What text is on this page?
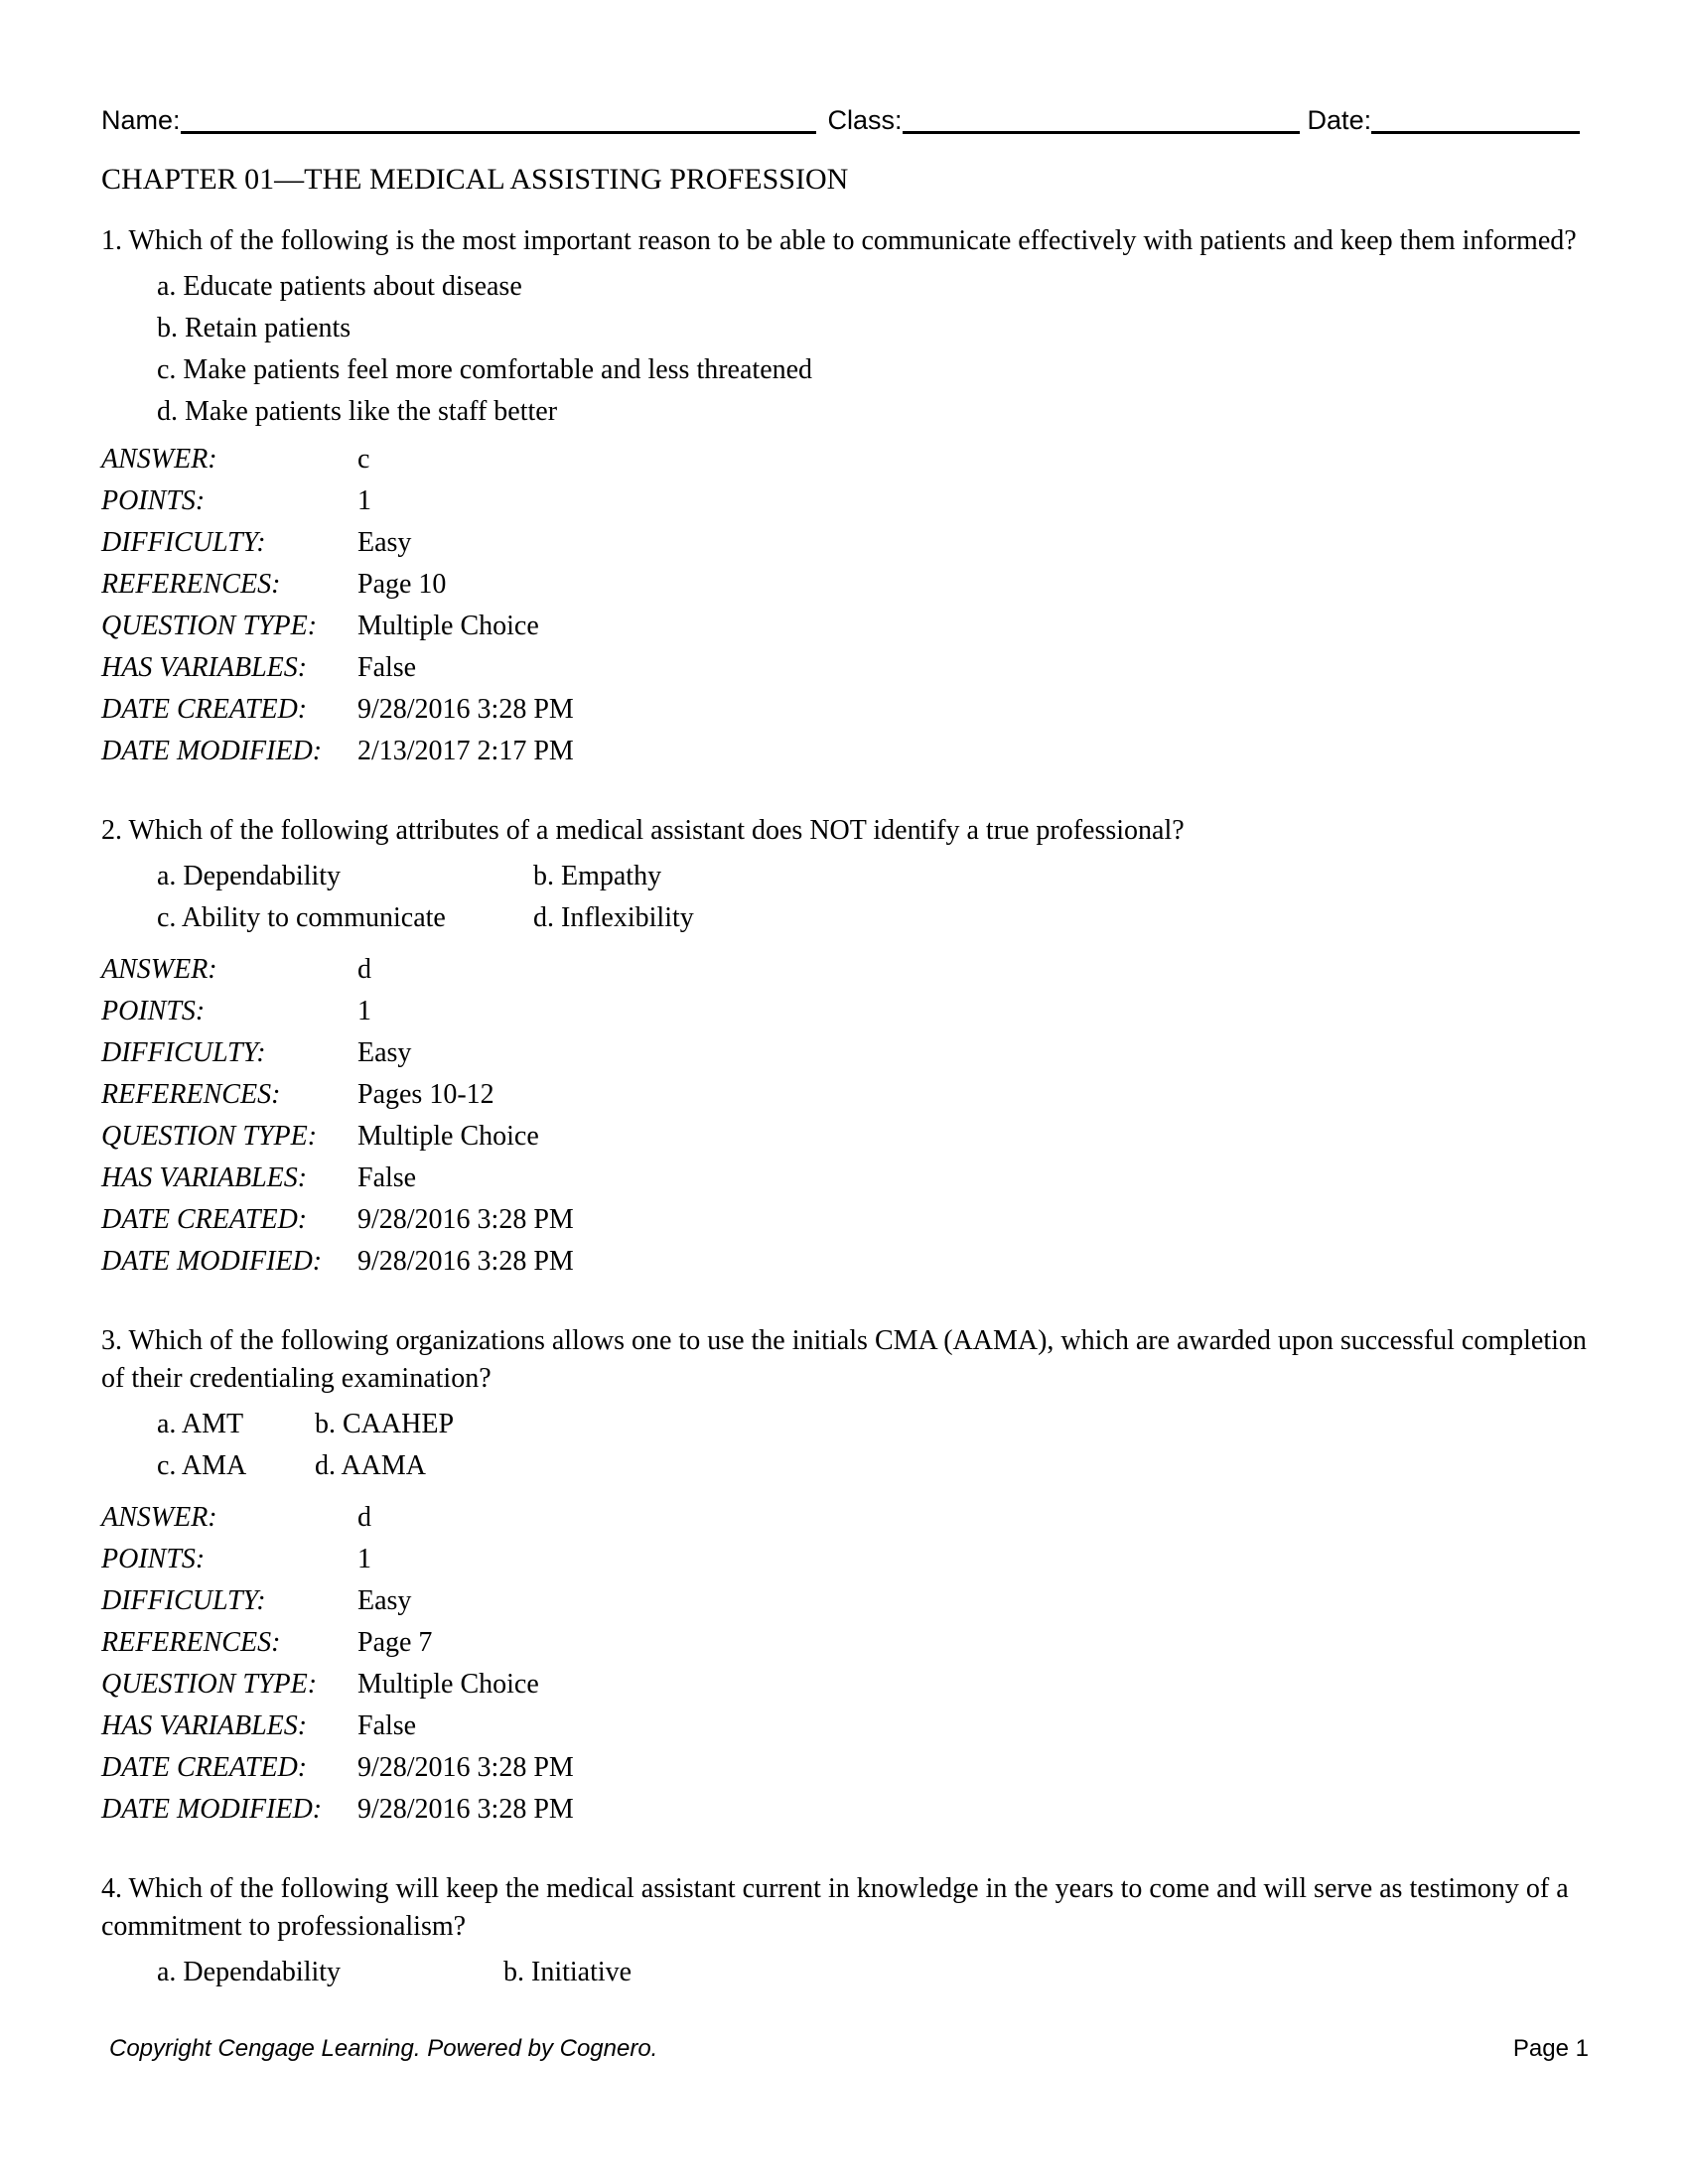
Name:	Class:	Date:
CHAPTER 01—THE MEDICAL ASSISTING PROFESSION

1. Which of the following is the most important reason to be able to communicate effectively with patients and keep them informed?

a. Educate patients about disease
b. Retain patients
c. Make patients feel more comfortable and less threatened
d. Make patients like the staff better
ANSWER:	c
POINTS:	1
DIFFICULTY:	Easy
REFERENCES:	Page 10
QUESTION TYPE:	Multiple Choice
HAS VARIABLES:	False
DATE CREATED:	9/28/2016 3:28 PM
DATE MODIFIED:	2/13/2017 2:17 PM

2. Which of the following attributes of a medical assistant does NOT identify a true professional?

a. Dependability	b. Empathy
c. Ability to communicate	d. Inflexibility
ANSWER:	d
POINTS:	1
DIFFICULTY:	Easy
REFERENCES:	Pages 10-12
QUESTION TYPE:	Multiple Choice
HAS VARIABLES:	False
DATE CREATED:	9/28/2016 3:28 PM
DATE MODIFIED:	9/28/2016 3:28 PM

3. Which of the following organizations allows one to use the initials CMA (AAMA), which are awarded upon successful completion of their credentialing examination?

a. AMT	b. CAAHEP
c. AMA	d. AAMA
ANSWER:	d
POINTS:	1
DIFFICULTY:	Easy
REFERENCES:	Page 7
QUESTION TYPE:	Multiple Choice
HAS VARIABLES:	False
DATE CREATED:	9/28/2016 3:28 PM
DATE MODIFIED:	9/28/2016 3:28 PM

4. Which of the following will keep the medical assistant current in knowledge in the years to come and will serve as testimony of a commitment to professionalism?

a. Dependability	b. Initiative
Copyright Cengage Learning. Powered by Cognero.	Page 1
